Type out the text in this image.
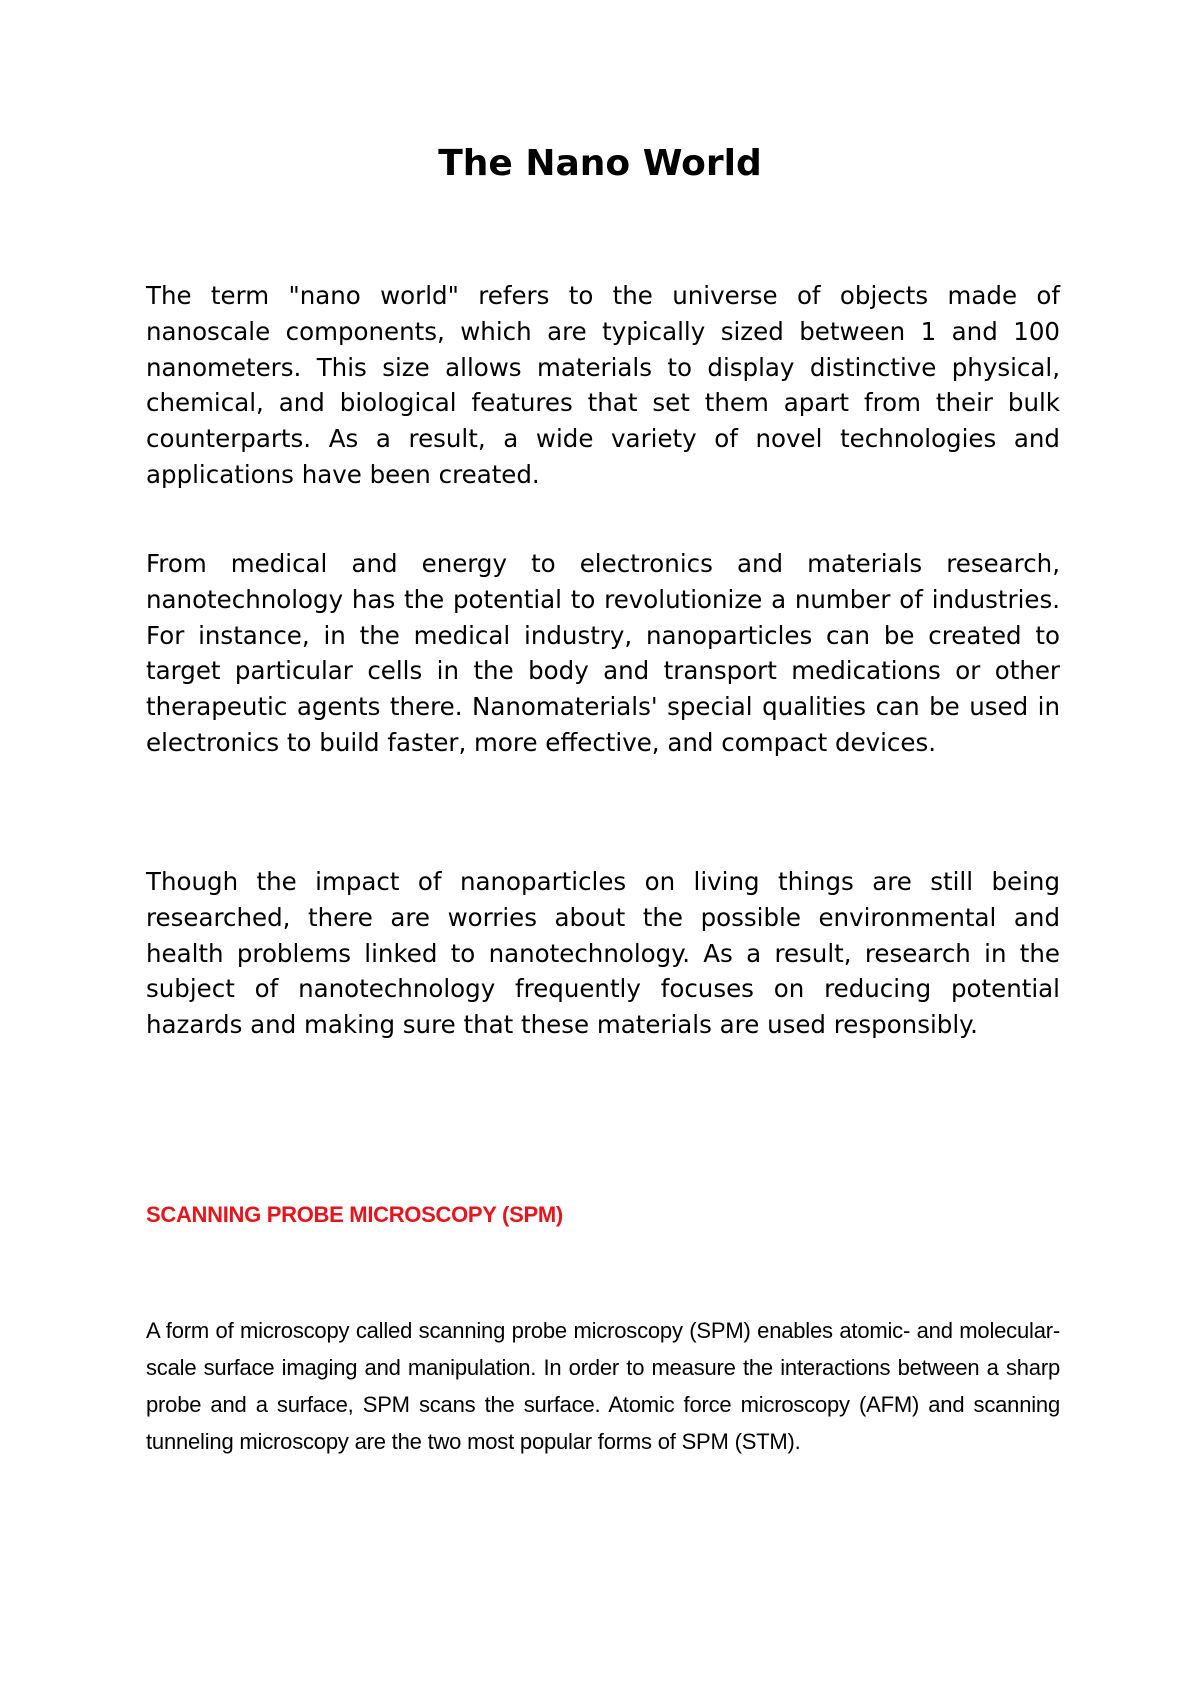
The Nano World

The term "nano world" refers to the universe of objects made of nanoscale components, which are typically sized between 1 and 100 nanometers. This size allows materials to display distinctive physical, chemical, and biological features that set them apart from their bulk counterparts. As a result, a wide variety of novel technologies and applications have been created.

From medical and energy to electronics and materials research, nanotechnology has the potential to revolutionize a number of industries. For instance, in the medical industry, nanoparticles can be created to target particular cells in the body and transport medications or other therapeutic agents there. Nanomaterials' special qualities can be used in electronics to build faster, more effective, and compact devices.

Though the impact of nanoparticles on living things are still being researched, there are worries about the possible environmental and health problems linked to nanotechnology. As a result, research in the subject of nanotechnology frequently focuses on reducing potential hazards and making sure that these materials are used responsibly.

SCANNING PROBE MICROSCOPY (SPM)

A form of microscopy called scanning probe microscopy (SPM) enables atomic- and molecular-scale surface imaging and manipulation. In order to measure the interactions between a sharp probe and a surface, SPM scans the surface. Atomic force microscopy (AFM) and scanning tunneling microscopy are the two most popular forms of SPM (STM).
